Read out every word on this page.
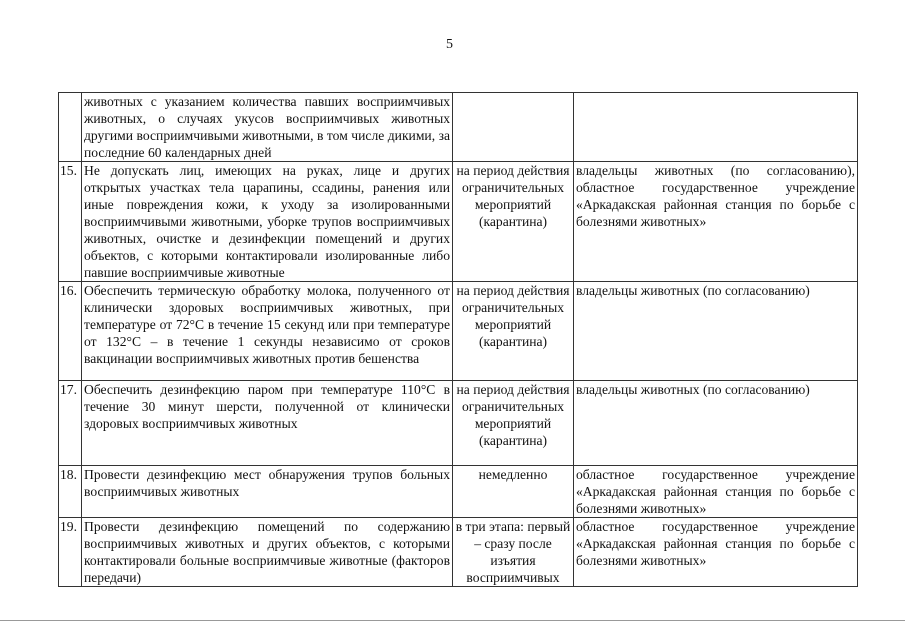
5
	животных с указанием количества павших восприимчивых животных, о случаях укусов восприимчивых животных другими восприимчивыми животными, в том числе дикими, за последние 60 календарных дней		
15.	Не допускать лиц, имеющих на руках, лице и других открытых участках тела царапины, ссадины, ранения или иные повреждения кожи, к уходу за изолированными восприимчивыми животными, уборке трупов восприимчивых животных, очистке и дезинфекции помещений и других объектов, с которыми контактировали изолированные либо павшие восприимчивые животные	на период действия ограничительных мероприятий (карантина)	владельцы животных (по согласованию), областное государственное учреждение «Аркадакская районная станция по борьбе с болезнями животных»
16.	Обеспечить термическую обработку молока, полученного от клинически здоровых восприимчивых животных, при температуре от 72°С в течение 15 секунд или при температуре от 132°С – в течение 1 секунды независимо от сроков вакцинации восприимчивых животных против бешенства	на период действия ограничительных мероприятий (карантина)	владельцы животных (по согласованию)
17.	Обеспечить дезинфекцию паром при температуре 110°С в течение 30 минут шерсти, полученной от клинически здоровых восприимчивых животных	на период действия ограничительных мероприятий (карантина)	владельцы животных (по согласованию)
18.	Провести дезинфекцию мест обнаружения трупов больных восприимчивых животных	немедленно	областное государственное учреждение «Аркадакская районная станция по борьбе с болезнями животных»
19.	Провести дезинфекцию помещений по содержанию восприимчивых животных и других объектов, с которыми контактировали больные восприимчивые животные (факторов передачи)	в три этапа: первый – сразу после изъятия восприимчивых	областное государственное учреждение «Аркадакская районная станция по борьбе с болезнями животных»
